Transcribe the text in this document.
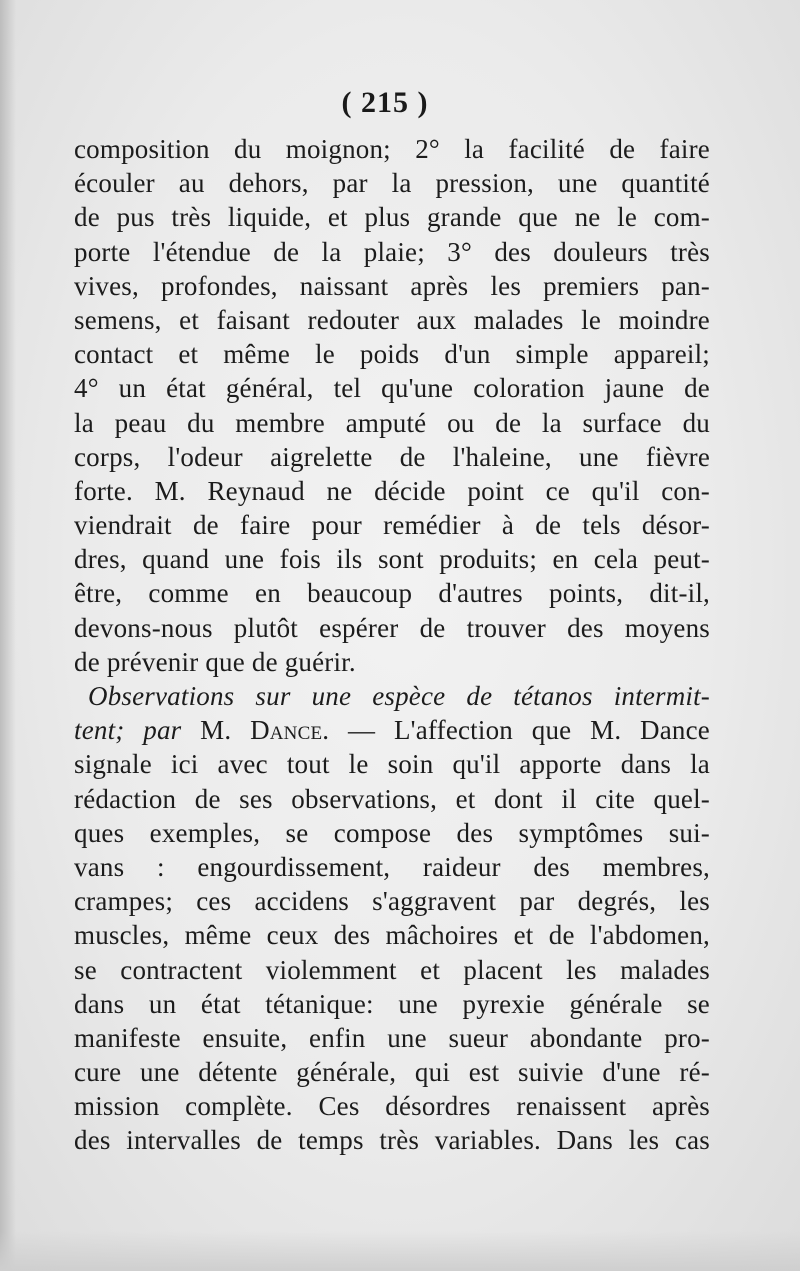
( 215 )
composition du moignon; 2° la facilité de faire
écouler au dehors, par la pression, une quantité
de pus très liquide, et plus grande que ne le com-
porte l'étendue de la plaie; 3° des douleurs très
vives, profondes, naissant après les premiers pan-
semens, et faisant redouter aux malades le moindre
contact et même le poids d'un simple appareil;
4° un état général, tel qu'une coloration jaune de
la peau du membre amputé ou de la surface du
corps, l'odeur aigrelette de l'haleine, une fièvre
forte. M. Reynaud ne décide point ce qu'il con-
viendrait de faire pour remédier à de tels désor-
dres, quand une fois ils sont produits; en cela peut-
être, comme en beaucoup d'autres points, dit-il,
devons-nous plutôt espérer de trouver des moyens
de prévenir que de guérir.
Observations sur une espèce de tétanos intermit-
tent; par M. Dance. — L'affection que M. Dance
signale ici avec tout le soin qu'il apporte dans la
rédaction de ses observations, et dont il cite quel-
ques exemples, se compose des symptômes sui-
vans : engourdissement, raideur des membres,
crampes; ces accidens s'aggravent par degrés, les
muscles, même ceux des mâchoires et de l'abdomen,
se contractent violemment et placent les malades
dans un état tétanique: une pyrexie générale se
manifeste ensuite, enfin une sueur abondante pro-
cure une détente générale, qui est suivie d'une ré-
mission complète. Ces désordres renaissent après
des intervalles de temps très variables. Dans les cas
